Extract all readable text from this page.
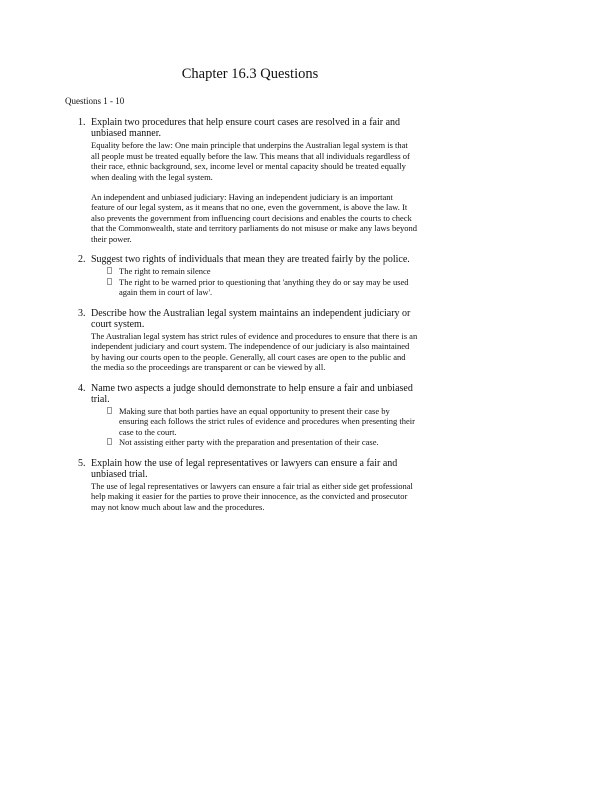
Chapter 16.3 Questions
Questions 1 - 10
1. Explain two procedures that help ensure court cases are resolved in a fair and unbiased manner.

Equality before the law: One main principle that underpins the Australian legal system is that all people must be treated equally before the law. This means that all individuals regardless of their race, ethnic background, sex, income level or mental capacity should be treated equally when dealing with the legal system.

An independent and unbiased judiciary: Having an independent judiciary is an important feature of our legal system, as it means that no one, even the government, is above the law. It also prevents the government from influencing court decisions and enables the courts to check that the Commonwealth, state and territory parliaments do not misuse or make any laws beyond their power.

2. Suggest two rights of individuals that mean they are treated fairly by the police.
The right to remain silence
The right to be warned prior to questioning that 'anything they do or say may be used again them in court of law'.
3. Describe how the Australian legal system maintains an independent judiciary or court system.

The Australian legal system has strict rules of evidence and procedures to ensure that there is an independent judiciary and court system. The independence of our judiciary is also maintained by having our courts open to the people. Generally, all court cases are open to the public and the media so the proceedings are transparent or can be viewed by all.

4. Name two aspects a judge should demonstrate to help ensure a fair and unbiased trial.
Making sure that both parties have an equal opportunity to present their case by ensuring each follows the strict rules of evidence and procedures when presenting their case to the court.
Not assisting either party with the preparation and presentation of their case.
5. Explain how the use of legal representatives or lawyers can ensure a fair and unbiased trial.

The use of legal representatives or lawyers can ensure a fair trial as either side get professional help making it easier for the parties to prove their innocence, as the convicted and prosecutor may not know much about law and the procedures.
